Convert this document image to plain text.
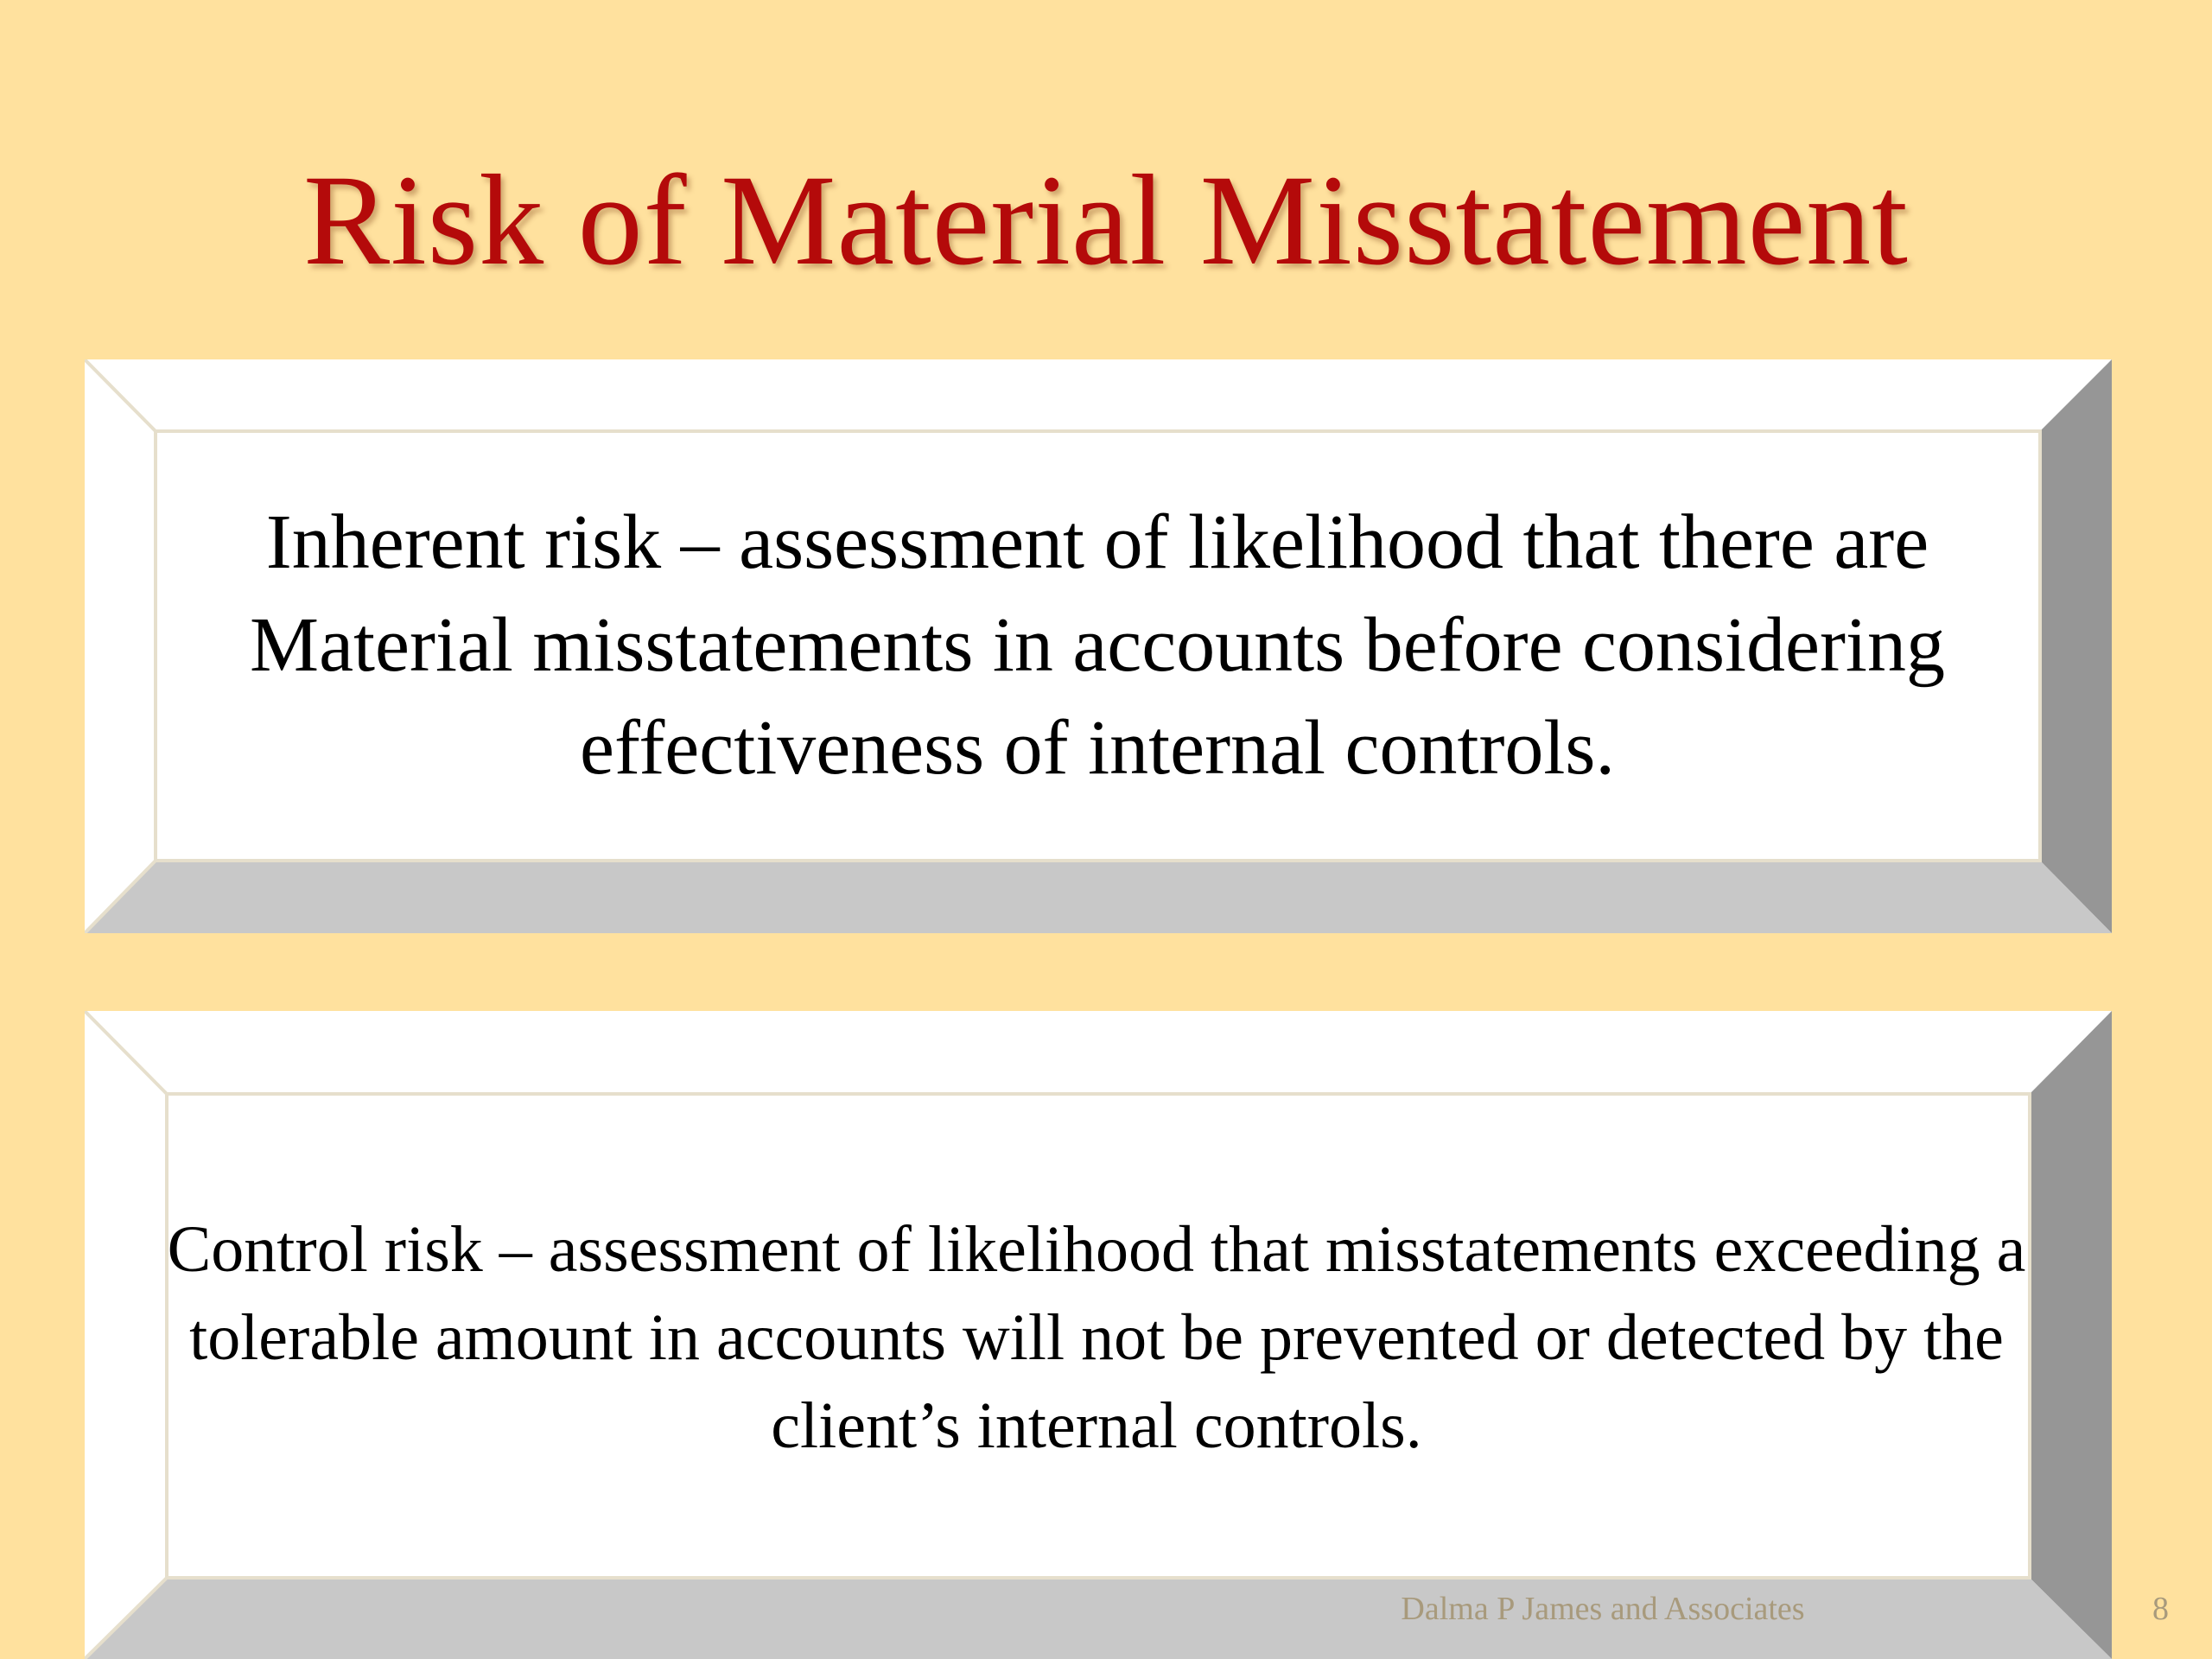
Risk of Material Misstatement
Inherent risk – assessment of likelihood that there are Material misstatements in accounts before considering effectiveness of internal controls.
Control risk – assessment of likelihood that misstatements exceeding a tolerable amount in accounts will not be prevented or detected by the client’s internal controls.
Dalma P James and Associates	8
